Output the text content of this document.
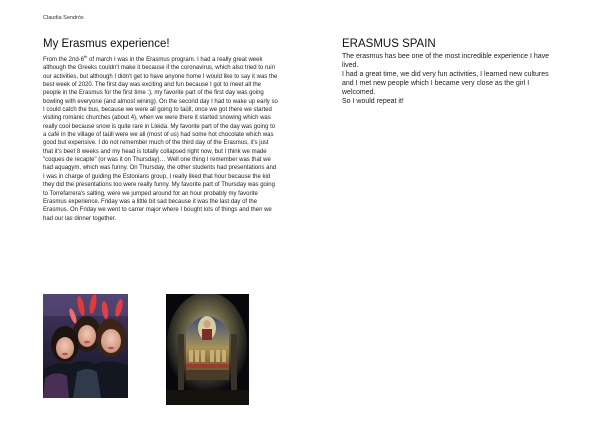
Claudia Sendrós
My Erasmus experience!

From the 2nd-6th of march I was in the Erasmus program. I had a really great week although the Greeks couldn't make it because if the coronavirus, which also tried to ruin our activities, but although I didn't get to have anyone home I would like to say it was the best week of 2020. The first day was exciting and fun because I got to meet all the people in the Erasmus for the first time :), my favorite part of the first day was going bowling with everyone (and almost wining). On the second day I had to wake up early so I could catch the bus, because we were all going to taüll, once we got there we started visiting romànic churches (about 4), when we were there it started snowing which was really cool because snow is quite rare in Lleida. My favorite part of the day was going to a café in the village of taüll were we all (most of us) had some hot chocolate which was good but expensive. I do not remember much of the third day of the Erasmus, it's just that it's beet 8 weeks and my head is totally collapsed right now, but I think we made "coques de recapte" (or was it on Thursday)… Well one thing I remember was that we had aquagym, which was funny. On Thursday, the other students had presentations and I was in charge of guiding the Estonians group, I really liked that hour because the kid they did the presentations too were really funny. My favorite part of Thursday was going to Torrefarrera's salting, were we jumped around for an hour probably my favorite Erasmus experience. Friday was a little bit sad because it was the last day of the Erasmus. On Friday we went to carrer major where I bought lots of things and then we had our las dinner together.

ERASMUS SPAIN

The erasmus has bee one of the most incredible experience I have lived.

I had a great time, we did very fun activities, I learned new cultures and I met new people which I became very close as the girl I welcomed.

So I would repeat it!
